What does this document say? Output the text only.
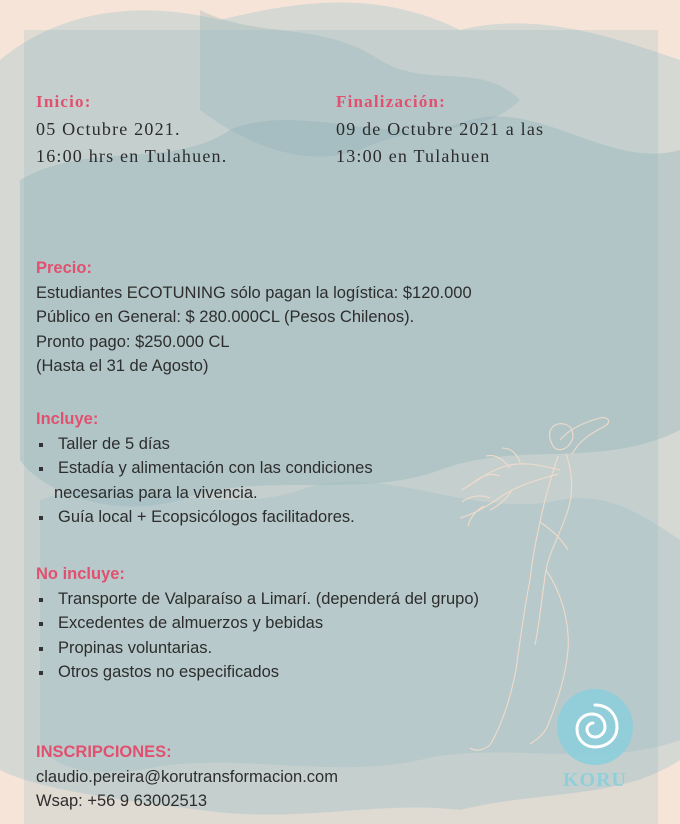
Inicio:
05 Octubre 2021.
16:00 hrs en Tulahuen.
Finalización:
09 de Octubre 2021 a las
13:00 en Tulahuen
Precio:
Estudiantes ECOTUNING sólo pagan la logística: $120.000
Público en General: $ 280.000CL (Pesos Chilenos).
Pronto pago: $250.000 CL
(Hasta el 31 de Agosto)
Incluye:
Taller de 5 días
Estadía y alimentación con las condiciones
necesarias para la vivencia.
Guía local + Ecopsicólogos facilitadores.
No incluye:
Transporte de Valparaíso a Limarí. (dependerá del grupo)
Excedentes de almuerzos y bebidas
Propinas voluntarias.
Otros gastos no especificados
INSCRIPCIONES:
claudio.pereira@korutransformacion.com
Wsap: +56 9 63002513
KORU
